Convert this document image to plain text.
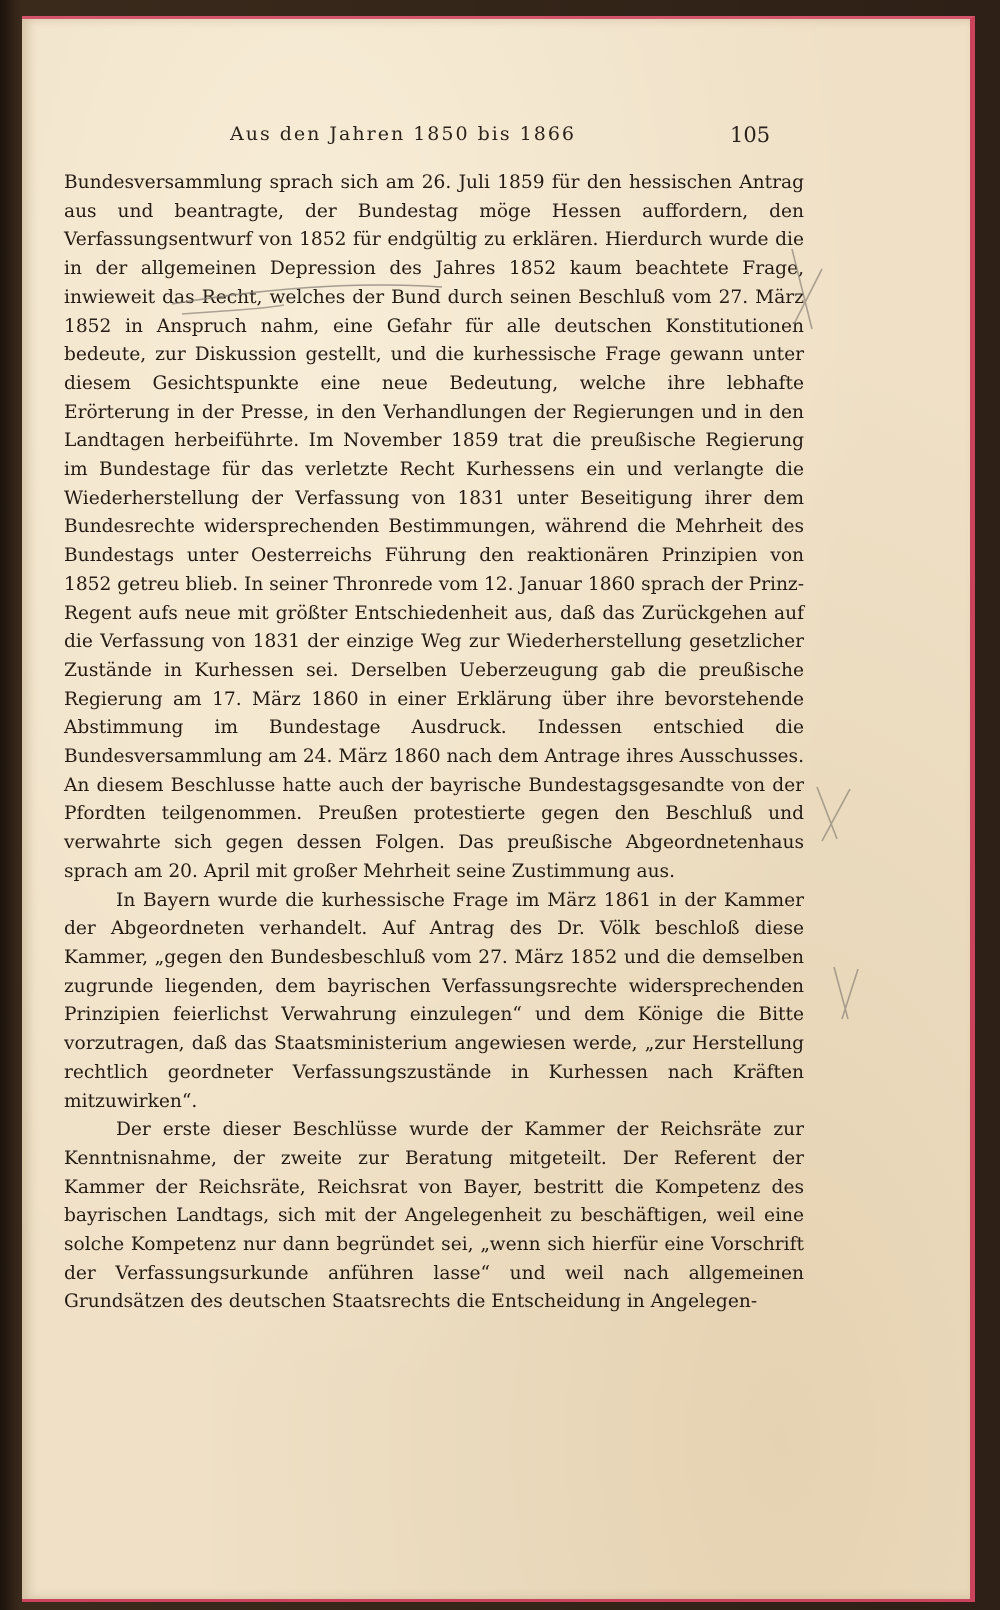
Aus den Jahren 1850 bis 1866	105

Bundesversammlung sprach sich am 26. Juli 1859 für den hessischen Antrag aus und beantragte, der Bundestag möge Hessen auffordern, den Verfassungsentwurf von 1852 für endgültig zu erklären. Hierdurch wurde die in der allgemeinen Depression des Jahres 1852 kaum beachtete Frage, inwieweit das Recht, welches der Bund durch seinen Beschluß vom 27. März 1852 in Anspruch nahm, eine Gefahr für alle deutschen Konstitutionen bedeute, zur Diskussion gestellt, und die kurhessische Frage gewann unter diesem Gesichtspunkte eine neue Bedeutung, welche ihre lebhafte Erörterung in der Presse, in den Verhandlungen der Regierungen und in den Landtagen herbeiführte. Im November 1859 trat die preußische Regierung im Bundestage für das verletzte Recht Kurhessens ein und verlangte die Wiederherstellung der Verfassung von 1831 unter Beseitigung ihrer dem Bundesrechte widersprechenden Bestimmungen, während die Mehrheit des Bundestags unter Oesterreichs Führung den reaktionären Prinzipien von 1852 getreu blieb. In seiner Thronrede vom 12. Januar 1860 sprach der Prinz-Regent aufs neue mit größter Entschiedenheit aus, daß das Zurückgehen auf die Verfassung von 1831 der einzige Weg zur Wiederherstellung gesetzlicher Zustände in Kurhessen sei. Derselben Ueberzeugung gab die preußische Regierung am 17. März 1860 in einer Erklärung über ihre bevorstehende Abstimmung im Bundestage Ausdruck. Indessen entschied die Bundesversammlung am 24. März 1860 nach dem Antrage ihres Ausschusses. An diesem Beschlusse hatte auch der bayrische Bundestagsgesandte von der Pfordten teilgenommen. Preußen protestierte gegen den Beschluß und verwahrte sich gegen dessen Folgen. Das preußische Abgeordnetenhaus sprach am 20. April mit großer Mehrheit seine Zustimmung aus.

In Bayern wurde die kurhessische Frage im März 1861 in der Kammer der Abgeordneten verhandelt. Auf Antrag des Dr. Völk beschloß diese Kammer, „gegen den Bundesbeschluß vom 27. März 1852 und die demselben zugrunde liegenden, dem bayrischen Verfassungsrechte widersprechenden Prinzipien feierlichst Verwahrung einzulegen“ und dem Könige die Bitte vorzutragen, daß das Staatsministerium angewiesen werde, „zur Herstellung rechtlich geordneter Verfassungszustände in Kurhessen nach Kräften mitzuwirken“.

Der erste dieser Beschlüsse wurde der Kammer der Reichsräte zur Kenntnisnahme, der zweite zur Beratung mitgeteilt. Der Referent der Kammer der Reichsräte, Reichsrat von Bayer, bestritt die Kompetenz des bayrischen Landtags, sich mit der Angelegenheit zu beschäftigen, weil eine solche Kompetenz nur dann begründet sei, „wenn sich hierfür eine Vorschrift der Verfassungsurkunde anführen lasse“ und weil nach allgemeinen Grundsätzen des deutschen Staatsrechts die Entscheidung in Angelegen-
